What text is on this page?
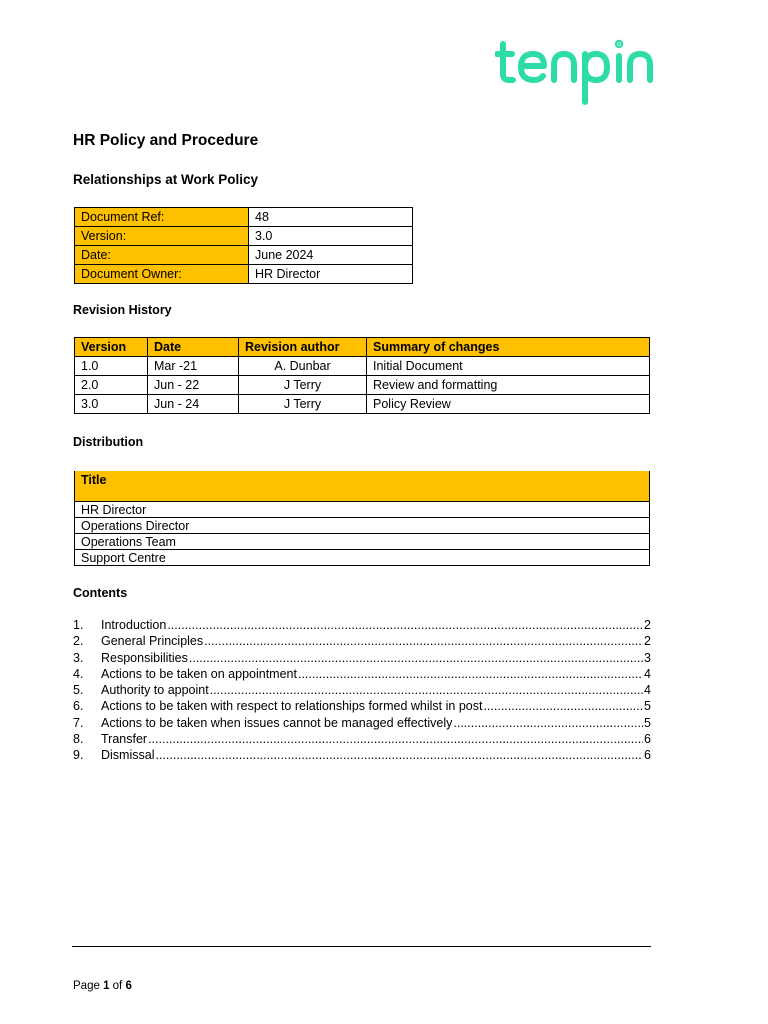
HR Policy and Procedure
Relationships at Work Policy
Document Ref:	48
Version:	3.0
Date:	June 2024
Document Owner:	HR Director
Revision History
Version	Date	Revision author	Summary of changes
1.0	Mar -21	A. Dunbar	Initial Document
2.0	Jun - 22	J Terry	Review and formatting
3.0	Jun - 24	J Terry	Policy Review
Distribution
Title
HR Director
Operations Director
Operations Team
Support Centre
Contents
1.	Introduction .....	2
2.	General Principles .....	2
3.	Responsibilities .....	3
4.	Actions to be taken on appointment .....	4
5.	Authority to appoint .....	4
6.	Actions to be taken with respect to relationships formed whilst in post .....	5
7.	Actions to be taken when issues cannot be managed effectively .....	5
8.	Transfer .....	6
9.	Dismissal .....	6
Page 1 of 6
